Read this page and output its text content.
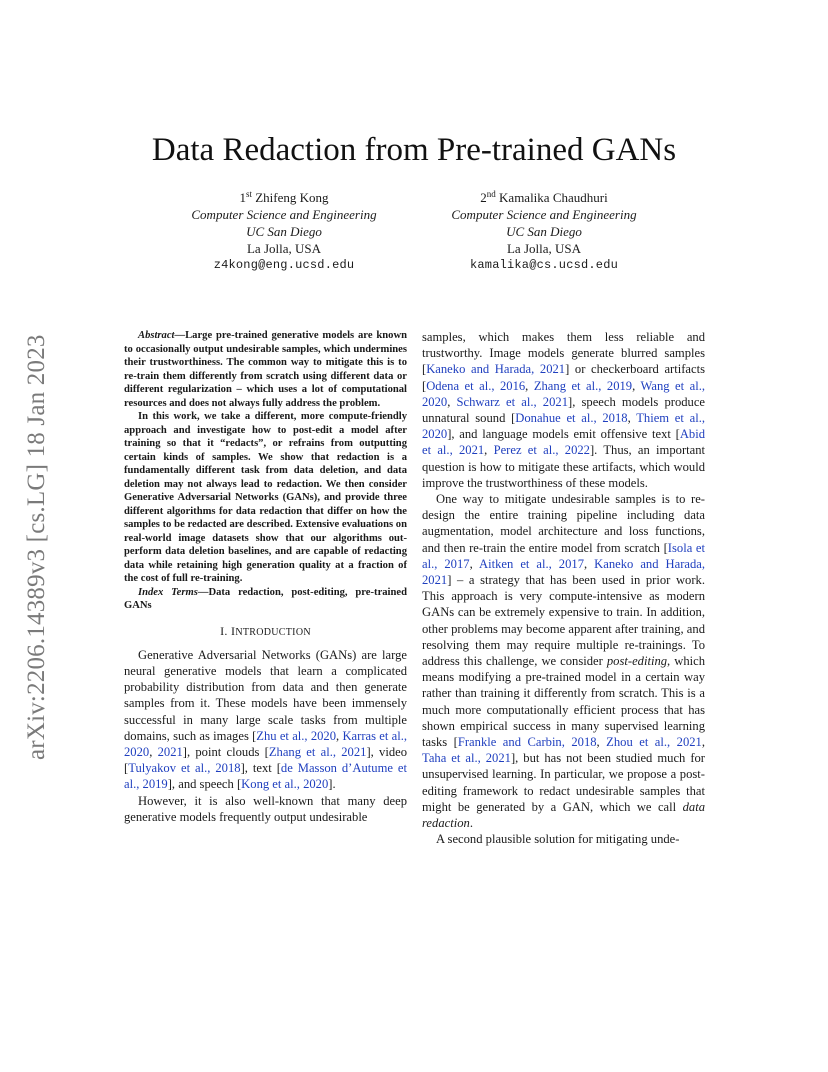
arXiv:2206.14389v3 [cs.LG] 18 Jan 2023
Data Redaction from Pre-trained GANs
1st Zhifeng Kong
Computer Science and Engineering
UC San Diego
La Jolla, USA
z4kong@eng.ucsd.edu
2nd Kamalika Chaudhuri
Computer Science and Engineering
UC San Diego
La Jolla, USA
kamalika@cs.ucsd.edu

Abstract—Large pre-trained generative models are known to occasionally output undesirable samples, which undermines their trustworthiness. The common way to mitigate this is to re-train them differently from scratch using different data or different regularization – which uses a lot of computational resources and does not always fully address the problem.

In this work, we take a different, more compute-friendly approach and investigate how to post-edit a model after training so that it “redacts”, or refrains from outputting certain kinds of samples. We show that redaction is a fundamentally different task from data deletion, and data deletion may not always lead to redaction. We then consider Generative Adversarial Networks (GANs), and provide three different algorithms for data redaction that differ on how the samples to be redacted are described. Extensive evaluations on real-world image datasets show that our algorithms out-perform data deletion baselines, and are capable of redacting data while retaining high generation quality at a fraction of the cost of full re-training.

Index Terms—Data redaction, post-editing, pre-trained GANs

I. INTRODUCTION

Generative Adversarial Networks (GANs) are large neural generative models that learn a complicated probability distribution from data and then generate samples from it. These models have been immensely successful in many large scale tasks from multiple domains, such as images [Zhu et al., 2020, Karras et al., 2020, 2021], point clouds [Zhang et al., 2021], video [Tulyakov et al., 2018], text [de Masson d’Autume et al., 2019], and speech [Kong et al., 2020].

However, it is also well-known that many deep generative models frequently output undesirable

samples, which makes them less reliable and trustworthy. Image models generate blurred samples [Kaneko and Harada, 2021] or checkerboard artifacts [Odena et al., 2016, Zhang et al., 2019, Wang et al., 2020, Schwarz et al., 2021], speech models produce unnatural sound [Donahue et al., 2018, Thiem et al., 2020], and language models emit offensive text [Abid et al., 2021, Perez et al., 2022]. Thus, an important question is how to mitigate these artifacts, which would improve the trustworthiness of these models.

One way to mitigate undesirable samples is to re-design the entire training pipeline including data augmentation, model architecture and loss functions, and then re-train the entire model from scratch [Isola et al., 2017, Aitken et al., 2017, Kaneko and Harada, 2021] – a strategy that has been used in prior work. This approach is very compute-intensive as modern GANs can be extremely expensive to train. In addition, other problems may become apparent after training, and resolving them may require multiple re-trainings. To address this challenge, we consider post-editing, which means modifying a pre-trained model in a certain way rather than training it differently from scratch. This is a much more computationally efficient process that has shown empirical success in many supervised learning tasks [Frankle and Carbin, 2018, Zhou et al., 2021, Taha et al., 2021], but has not been studied much for unsupervised learning. In particular, we propose a post-editing framework to redact undesirable samples that might be generated by a GAN, which we call data redaction.

A second plausible solution for mitigating unde-
